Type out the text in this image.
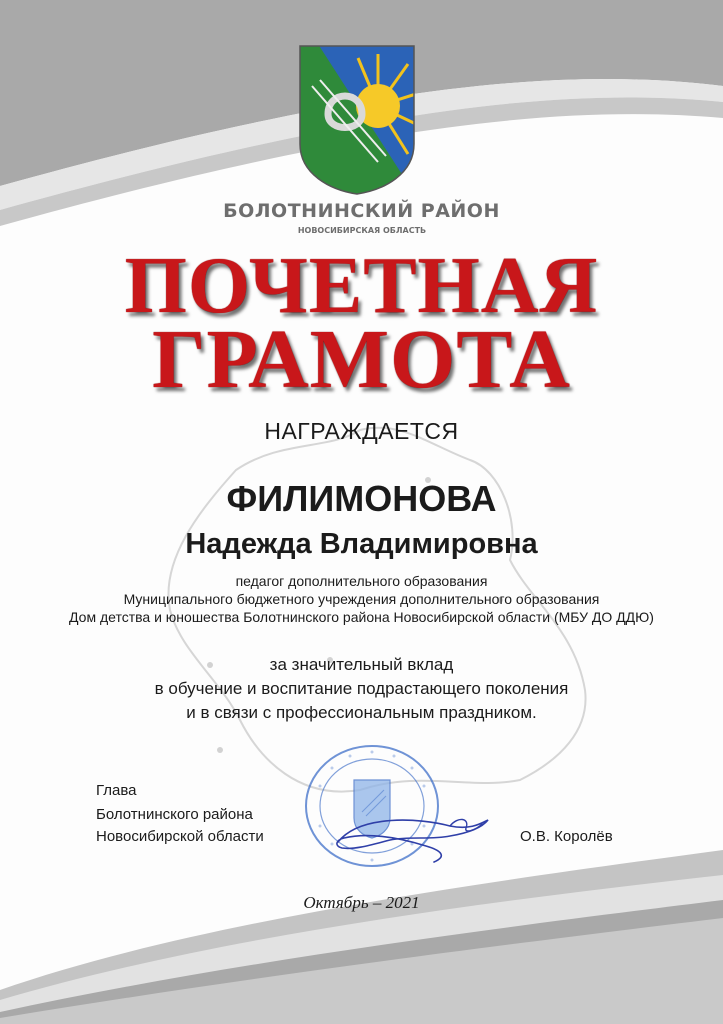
БОЛОТНИНСКИЙ РАЙОН
НОВОСИБИРСКАЯ ОБЛАСТЬ
ПОЧЕТНАЯ
ГРАМОТА
НАГРАЖДАЕТСЯ
ФИЛИМОНОВА
Надежда Владимировна
педагог дополнительного образования
Муниципального бюджетного учреждения дополнительного образования
Дом детства и юношества Болотнинского района Новосибирской области (МБУ ДО ДДЮ)
за значительный вклад
в обучение и воспитание подрастающего поколения
и в связи с профессиональным праздником.
Глава
Болотнинского района
Новосибирской области	О.В. Королёв
Октябрь – 2021
